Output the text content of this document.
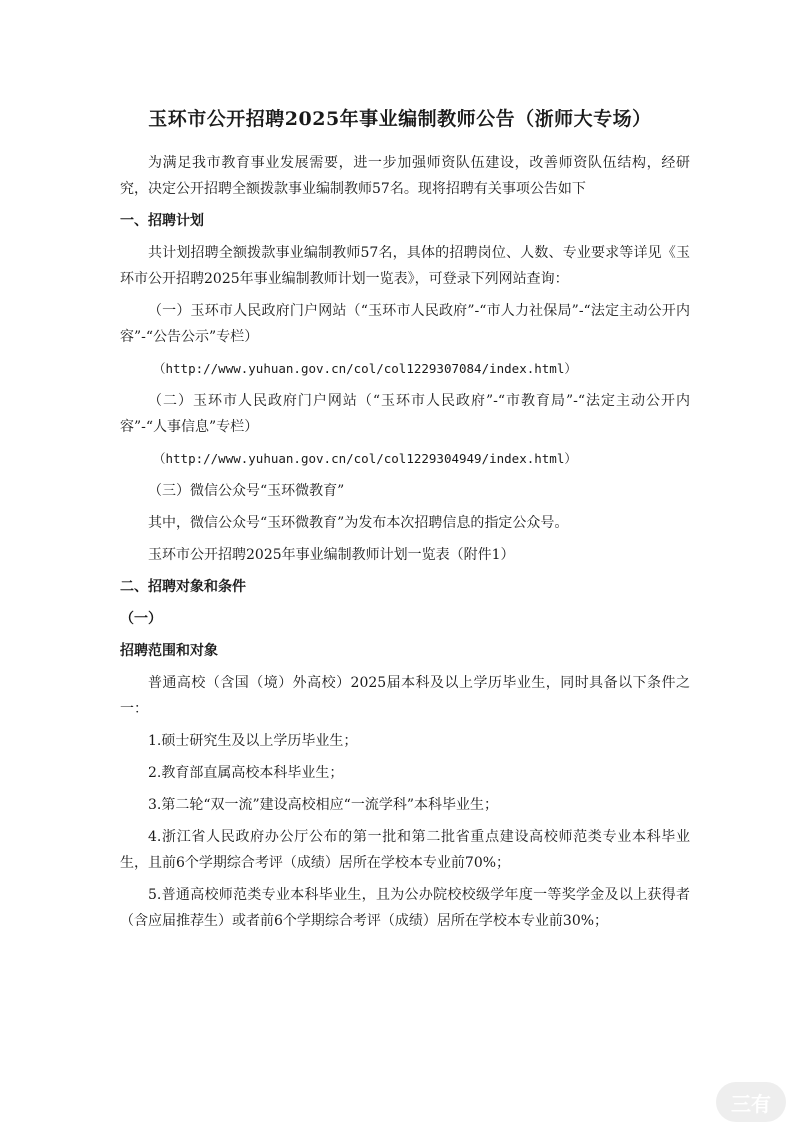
玉环市公开招聘2025年事业编制教师公告（浙师大专场）

为满足我市教育事业发展需要，进一步加强师资队伍建设，改善师资队伍结构，经研究，决定公开招聘全额拨款事业编制教师57名。现将招聘有关事项公告如下

一、招聘计划

共计划招聘全额拨款事业编制教师57名，具体的招聘岗位、人数、专业要求等详见《玉环市公开招聘2025年事业编制教师计划一览表》，可登录下列网站查询：

（一）玉环市人民政府门户网站（“玉环市人民政府”-“市人力社保局”-“法定主动公开内容”-“公告公示”专栏）

（http://www.yuhuan.gov.cn/col/col1229307084/index.html）

（二）玉环市人民政府门户网站（“玉环市人民政府”-“市教育局”-“法定主动公开内容”-“人事信息”专栏）

（http://www.yuhuan.gov.cn/col/col1229304949/index.html）

（三）微信公众号“玉环微教育”

其中，微信公众号“玉环微教育”为发布本次招聘信息的指定公众号。

玉环市公开招聘2025年事业编制教师计划一览表（附件1）

二、招聘对象和条件

（一）

招聘范围和对象

普通高校（含国（境）外高校）2025届本科及以上学历毕业生，同时具备以下条件之一：

1.硕士研究生及以上学历毕业生；

2.教育部直属高校本科毕业生；

3.第二轮“双一流”建设高校相应“一流学科”本科毕业生；

4.浙江省人民政府办公厅公布的第一批和第二批省重点建设高校师范类专业本科毕业生，且前6个学期综合考评（成绩）居所在学校本专业前70%；

5.普通高校师范类专业本科毕业生，且为公办院校校级学年度一等奖学金及以上获得者（含应届推荐生）或者前6个学期综合考评（成绩）居所在学校本专业前30%；

三有
